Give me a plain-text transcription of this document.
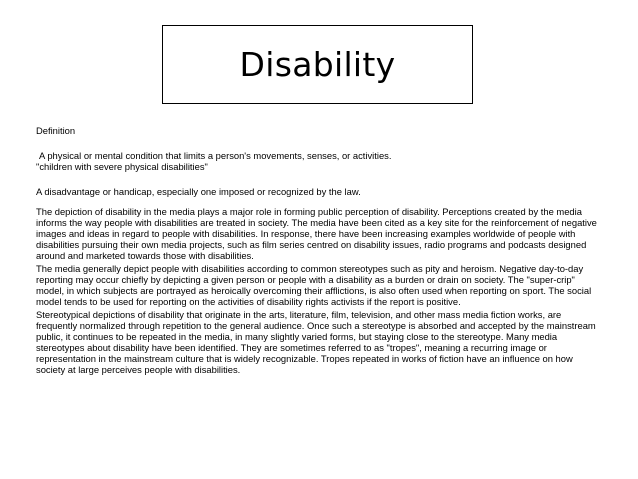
Disability

Definition

A physical or mental condition that limits a person's movements, senses, or activities.

"children with severe physical disabilities"

A disadvantage or handicap, especially one imposed or recognized by the law.

The depiction of disability in the media plays a major role in forming public perception of disability. Perceptions created by the media informs the way people with disabilities are treated in society. The media have been cited as a key site for the reinforcement of negative images and ideas in regard to people with disabilities. In response, there have been increasing examples worldwide of people with disabilities pursuing their own media projects, such as film series centred on disability issues, radio programs and podcasts designed around and marketed towards those with disabilities.

The media generally depict people with disabilities according to common stereotypes such as pity and heroism. Negative day-to-day reporting may occur chiefly by depicting a given person or people with a disability as a burden or drain on society. The "super-crip" model, in which subjects are portrayed as heroically overcoming their afflictions, is also often used when reporting on sport. The social model tends to be used for reporting on the activities of disability rights activists if the report is positive.

Stereotypical depictions of disability that originate in the arts, literature, film, television, and other mass media fiction works, are frequently normalized through repetition to the general audience. Once such a stereotype is absorbed and accepted by the mainstream public, it continues to be repeated in the media, in many slightly varied forms, but staying close to the stereotype. Many media stereotypes about disability have been identified. They are sometimes referred to as "tropes", meaning a recurring image or representation in the mainstream culture that is widely recognizable. Tropes repeated in works of fiction have an influence on how society at large perceives people with disabilities.
